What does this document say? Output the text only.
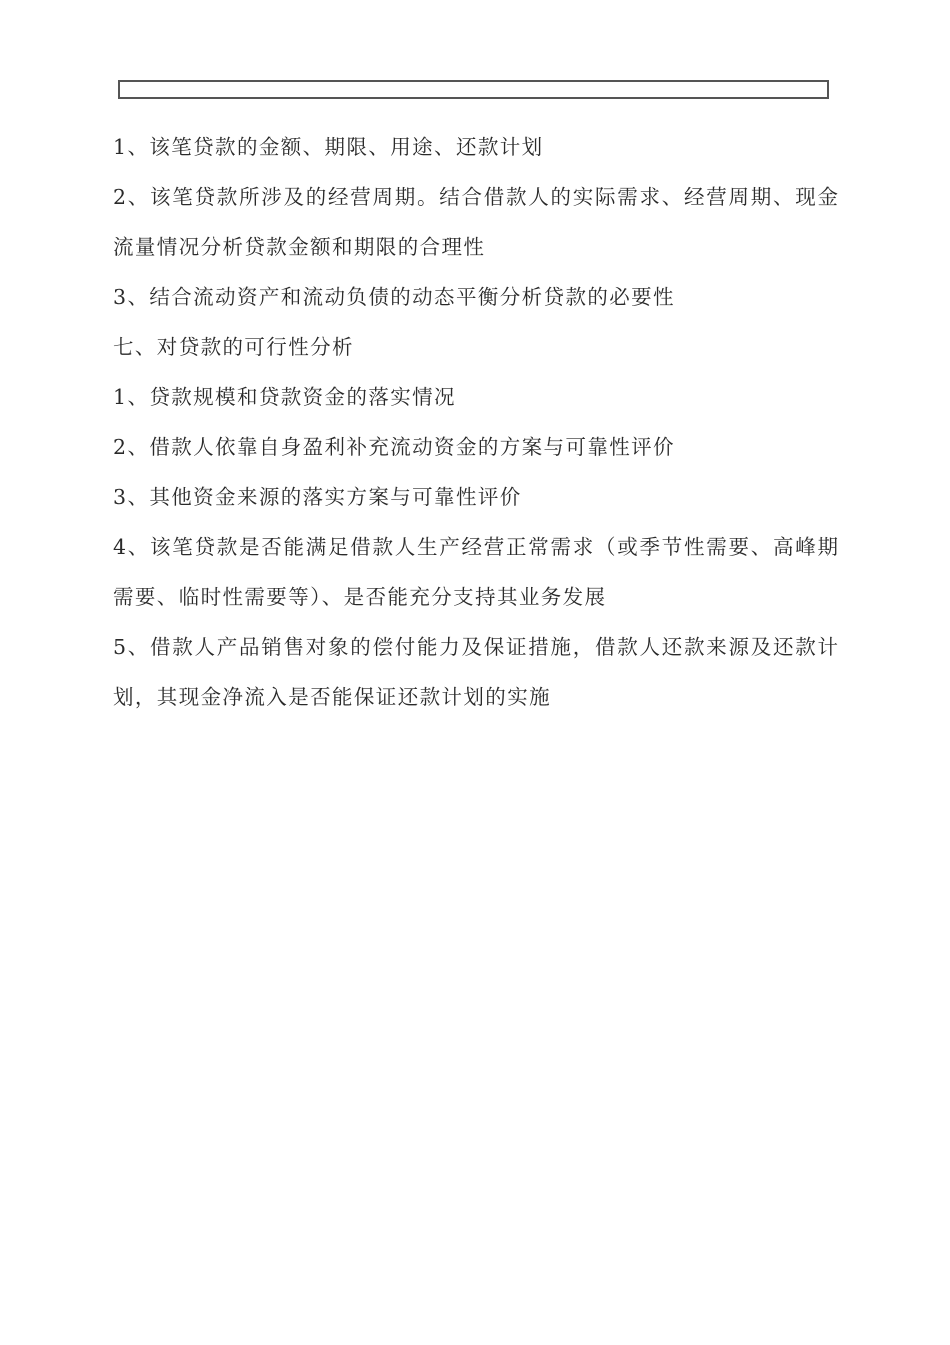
1、该笔贷款的金额、期限、用途、还款计划
2、该笔贷款所涉及的经营周期。结合借款人的实际需求、经营周期、现金
流量情况分析贷款金额和期限的合理性
3、结合流动资产和流动负债的动态平衡分析贷款的必要性
七、对贷款的可行性分析
1、贷款规模和贷款资金的落实情况
2、借款人依靠自身盈利补充流动资金的方案与可靠性评价
3、其他资金来源的落实方案与可靠性评价
4、该笔贷款是否能满足借款人生产经营正常需求（或季节性需要、高峰期
需要、临时性需要等）、是否能充分支持其业务发展
5、借款人产品销售对象的偿付能力及保证措施，借款人还款来源及还款计
划，其现金净流入是否能保证还款计划的实施
